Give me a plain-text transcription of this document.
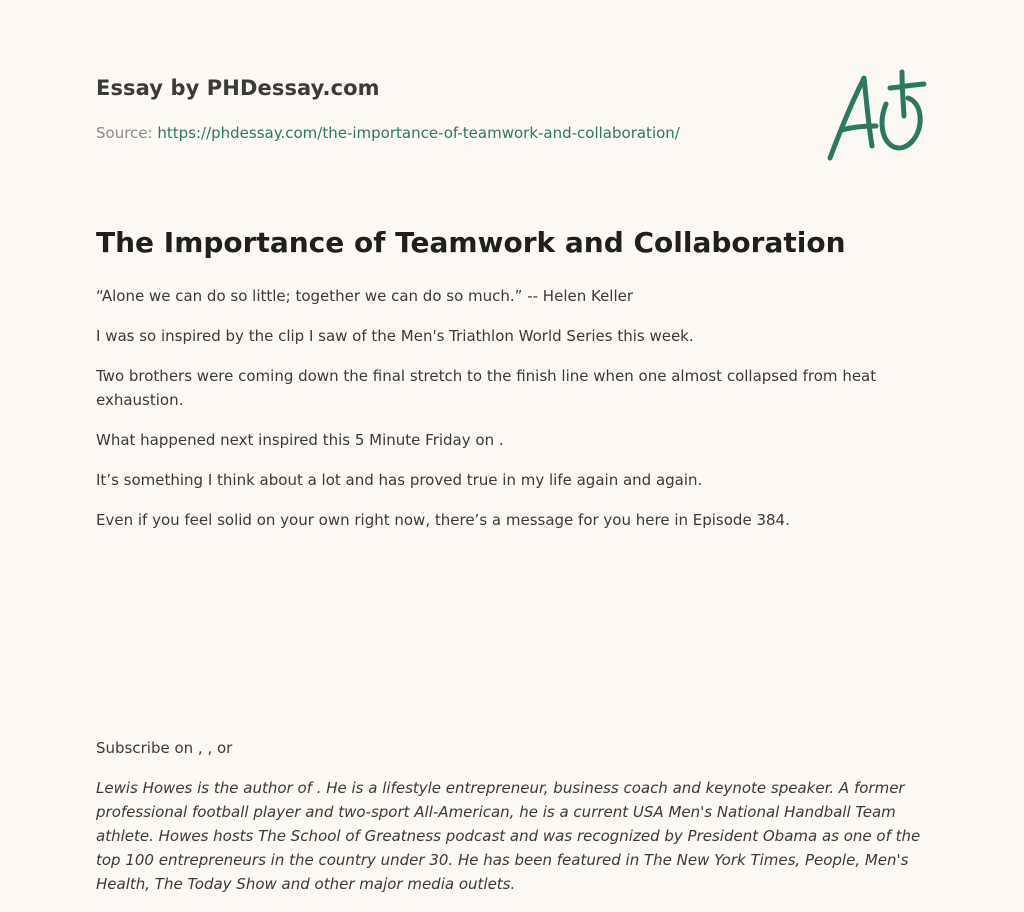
Essay by PHDessay.com
Source: https://phdessay.com/the-importance-of-teamwork-and-collaboration/
The Importance of Teamwork and Collaboration

“Alone we can do so little; together we can do so much.” -- Helen Keller

I was so inspired by the clip I saw of the Men's Triathlon World Series this week.

Two brothers were coming down the final stretch to the finish line when one almost collapsed from heat exhaustion.

What happened next inspired this 5 Minute Friday on .

It’s something I think about a lot and has proved true in my life again and again.

Even if you feel solid on your own right now, there’s a message for you here in Episode 384.

Subscribe on , , or

Lewis Howes is the author of . He is a lifestyle entrepreneur, business coach and keynote speaker. A former professional football player and two-sport All-American, he is a current USA Men's National Handball Team athlete. Howes hosts The School of Greatness podcast and was recognized by President Obama as one of the top 100 entrepreneurs in the country under 30. He has been featured in The New York Times, People, Men's Health, The Today Show and other major media outlets.
